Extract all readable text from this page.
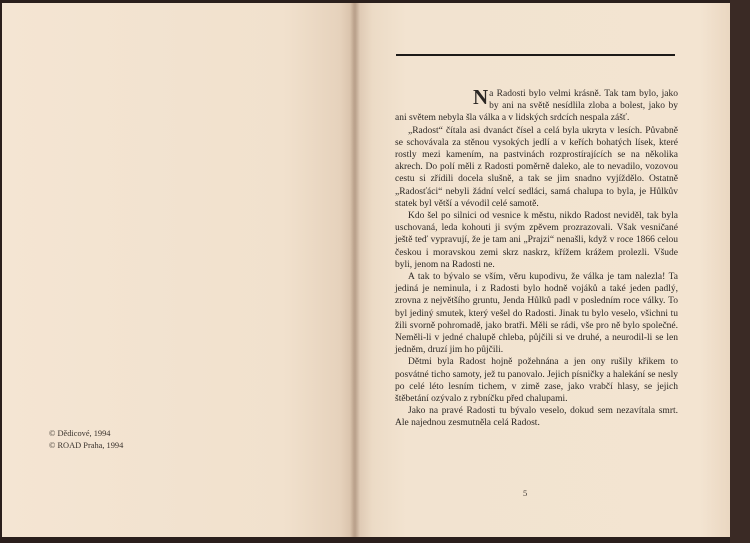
© Dědicové, 1994
© ROAD Praha, 1994

Na Radosti bylo velmi krásně. Tak tam bylo, jako by ani na světě nesídlila zloba a bolest, jako by ani světem nebyla šla válka a v lidských srdcích nespala zášť.

„Radost“ čítala asi dvanáct čísel a celá byla ukryta v lesích. Půvabně se schovávala za stěnou vysokých jedlí a v keřích bohatých lísek, které rostly mezi kamením, na pastvinách rozprostírajících se na několika akrech. Do polí měli z Radosti poměrně daleko, ale to nevadilo, vozovou cestu si zřídili docela slušně, a tak se jim snadno vyjíždělo. Ostatně „Radosťáci“ nebyli žádní velcí sedláci, samá chalupa to byla, je Hůlkův statek byl větší a vévodil celé samotě.

Kdo šel po silnici od vesnice k městu, nikdo Radost neviděl, tak byla uschovaná, leda kohouti ji svým zpěvem prozrazovali. Však vesničané ještě teď vypravují, že je tam ani „Prajzi“ nenašli, když v roce 1866 celou českou i moravskou zemi skrz naskrz, křížem krážem prolezli. Všude byli, jenom na Radosti ne.

A tak to bývalo se vším, věru kupodivu, že válka je tam nalezla! Ta jediná je neminula, i z Radosti bylo hodně vojáků a také jeden padlý, zrovna z největšího gruntu, Jenda Hůlků padl v posledním roce války. To byl jediný smutek, který vešel do Radosti. Jinak tu bylo veselo, všichni tu žili svorně pohromadě, jako bratři. Měli se rádi, vše pro ně bylo společné. Neměli-li v jedné chalupě chleba, půjčili si ve druhé, a neurodil-li se len jedněm, druzí jim ho půjčili.

Dětmi byla Radost hojně požehnána a jen ony rušily křikem to posvátné ticho samoty, jež tu panovalo. Jejich písničky a halekání se nesly po celé léto lesním tichem, v zimě zase, jako vrabčí hlasy, se jejich štěbetání ozývalo z rybníčku před chalupami.

Jako na pravé Radosti tu bývalo veselo, dokud sem nezavítala smrt. Ale najednou zesmutněla celá Radost.

5
